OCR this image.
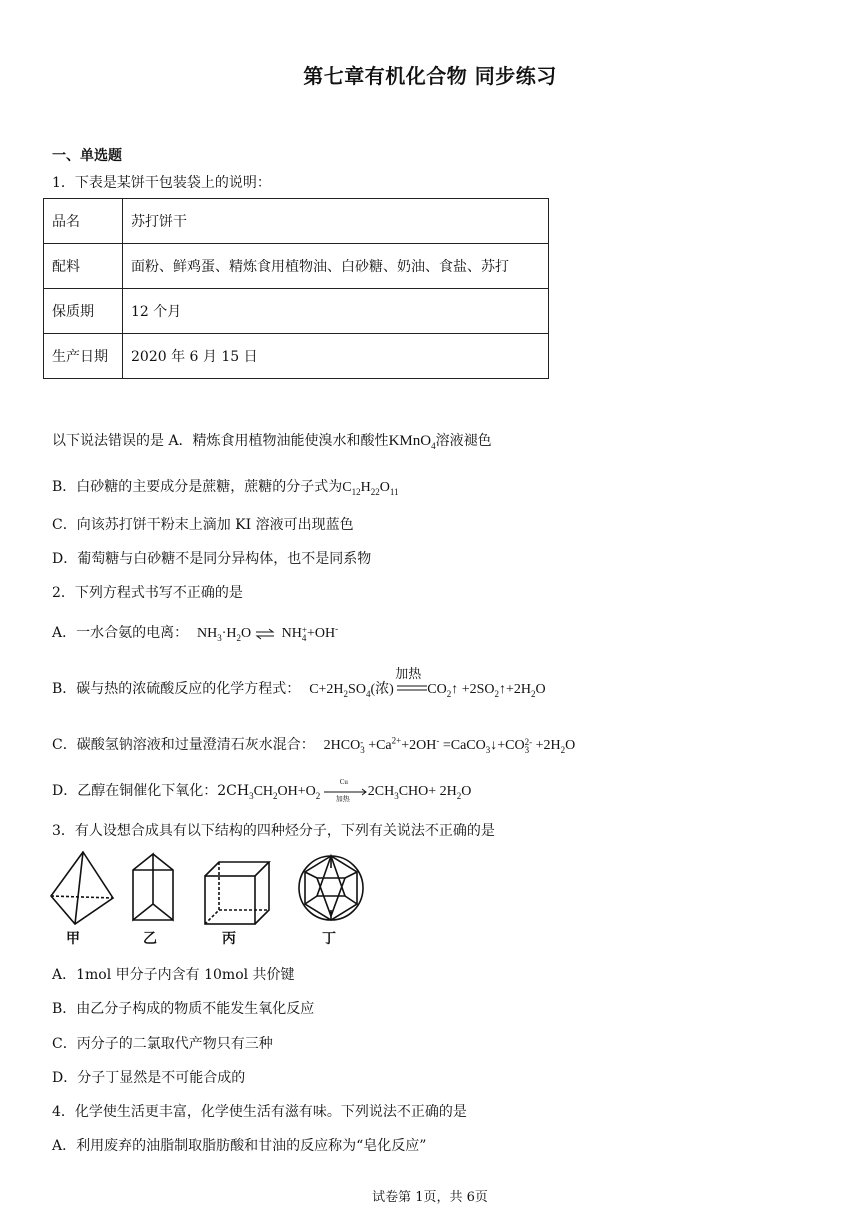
第七章有机化合物 同步练习
一、单选题
1．下表是某饼干包装袋上的说明：
品名	苏打饼干
配料	面粉、鲜鸡蛋、精炼食用植物油、白砂糖、奶油、食盐、苏打
保质期	12 个月
生产日期	2020 年 6 月 15 日
以下说法错误的是 A．精炼食用植物油能使溴水和酸性KMnO$_4$溶液褪色
B．白砂糖的主要成分是蔗糖，蔗糖的分子式为$C_{12}H_{22}O_{11}$
C．向该苏打饼干粉末上滴加 KI 溶液可出现蓝色
D．葡萄糖与白砂糖不是同分异构体，也不是同系物
2．下列方程式书写不正确的是
A．一水合氨的电离： $NH_3\cdot H_2O$ ⇌ NH+
4+OH-
B．碳与热的浓硫酸反应的化学方程式： $C+2H_2SO_4$(浓)
加热
$CO_2↑$ $+2SO_2↑+2H_2O$
C．碳酸氢钠溶液和过量澄清石灰水混合： 2HCO-
$3 +Ca^{2+}+2OH^-$ =CaCO$_3$↓+CO2-
$3 +2H_2O$
D．乙醇在铜催化下氧化：$2CH_3CH_2OH+O_2$
Cu
加热 $2CH_3CHO+ 2H_2O$
3．有人设想合成具有以下结构的四种烃分子，下列有关说法不正确的是
甲	乙	丙	丁
A．1mol 甲分子内含有 10mol 共价键
B．由乙分子构成的物质不能发生氧化反应
C．丙分子的二氯取代产物只有三种
D．分子丁显然是不可能合成的
4．化学使生活更丰富，化学使生活有滋有味。下列说法不正确的是
A．利用废弃的油脂制取脂肪酸和甘油的反应称为“皂化反应”
试卷第 1页，共 6页
